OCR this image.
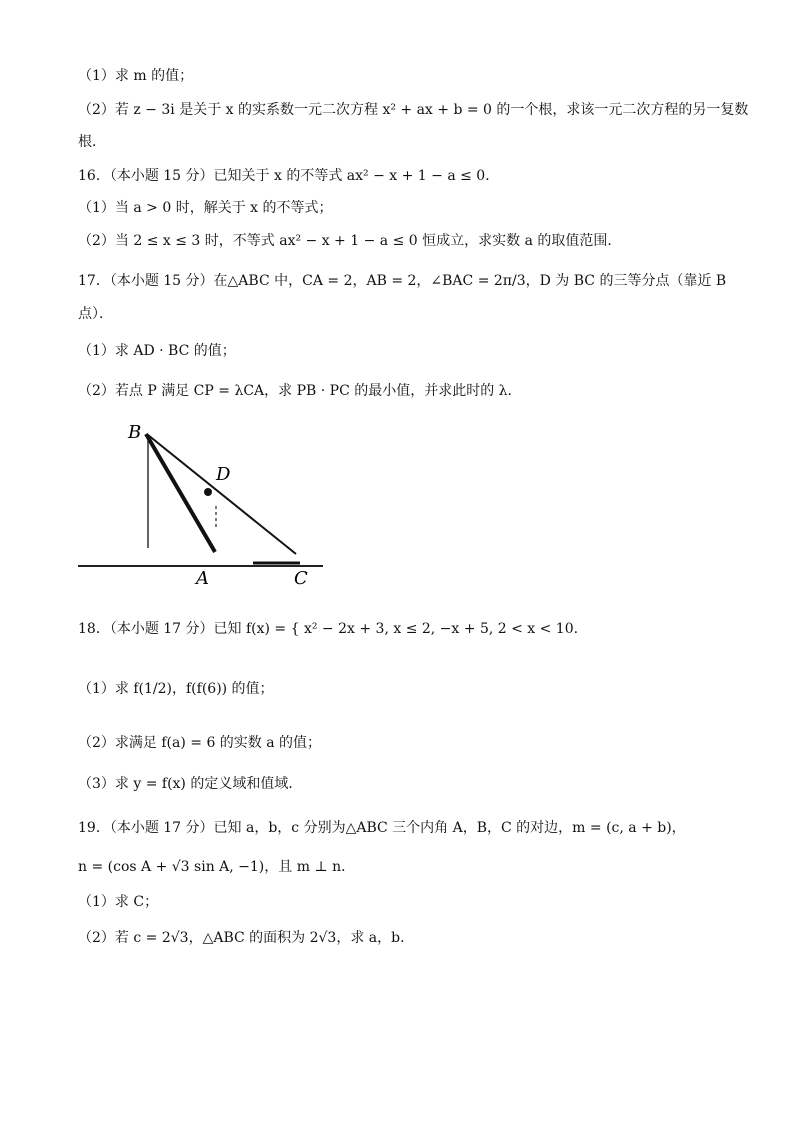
（1）求 m 的值；
（2）若 z − 3i 是关于 x 的实系数一元二次方程 x² + ax + b = 0 的一个根，求该一元二次方程的另一复数
根．
16．（本小题 15 分）已知关于 x 的不等式 ax² − x + 1 − a ≤ 0．
（1）当 a > 0 时，解关于 x 的不等式；
（2）当 2 ≤ x ≤ 3 时，不等式 ax² − x + 1 − a ≤ 0 恒成立，求实数 a 的取值范围．
17．（本小题 15 分）在△ABC 中，CA = 2，AB = 2，∠BAC = 2π/3，D 为 BC 的三等分点（靠近 B
点）．
（1）求 AD · BC 的值；
（2）若点 P 满足 CP = λCA，求 PB · PC 的最小值，并求此时的 λ．
B
D
A	C
18．（本小题 17 分）已知 f(x) = { x² − 2x + 3, x ≤ 2, −x + 5, 2 < x < 10.
（1）求 f(1/2)，f(f(6)) 的值；
（2）求满足 f(a) = 6 的实数 a 的值；
（3）求 y = f(x) 的定义域和值域．
19．（本小题 17 分）已知 a，b，c 分别为△ABC 三个内角 A，B，C 的对边，m = (c, a + b)，
n = (cos A + √3 sin A, −1)，且 m ⊥ n．
（1）求 C；
（2）若 c = 2√3，△ABC 的面积为 2√3，求 a，b．
